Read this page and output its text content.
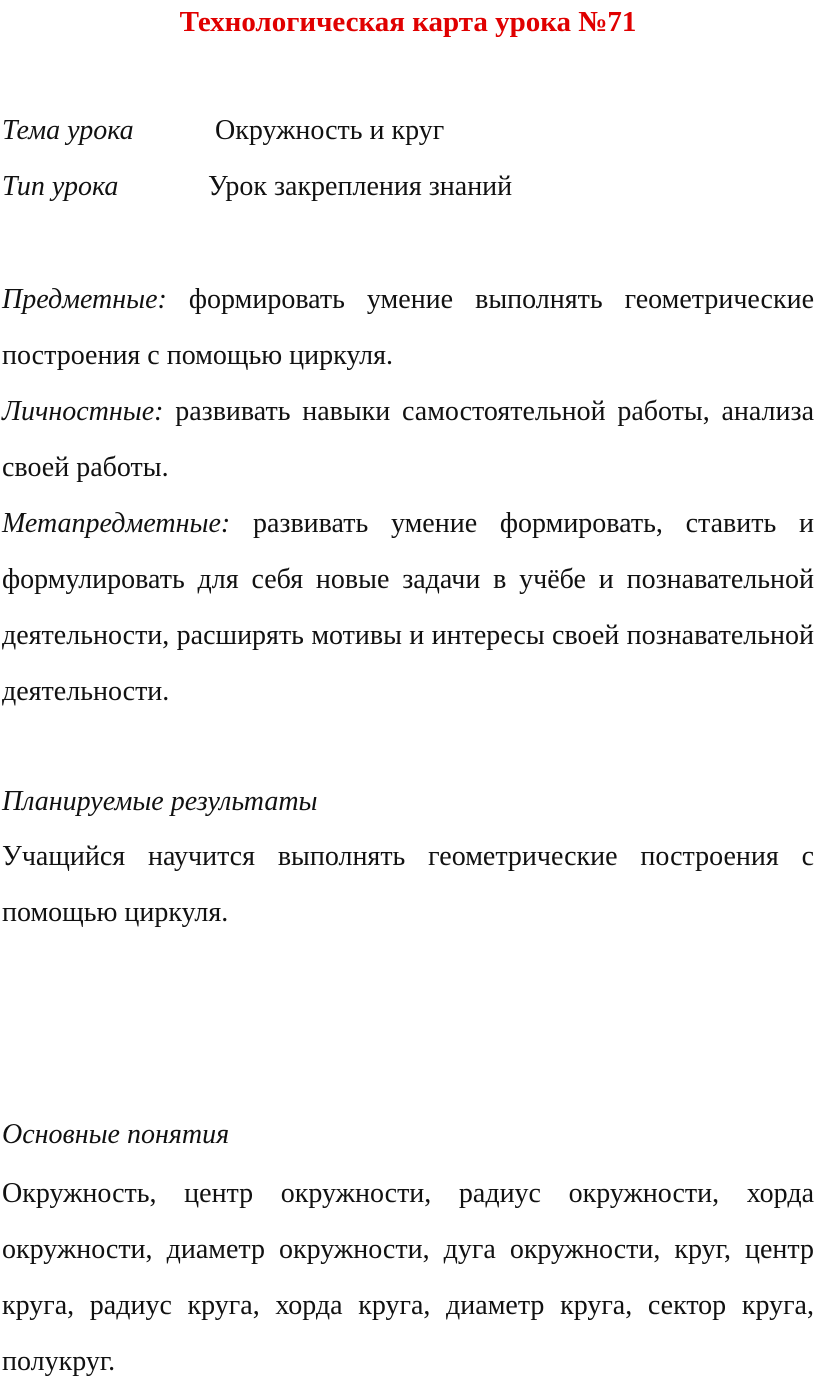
Технологическая карта урока №71
Тема урока	Окружность и круг
Тип урока	Урок закрепления знаний
Предметные: формировать умение выполнять геометрические построения с помощью циркуля.
Личностные: развивать навыки самостоятельной работы, анализа своей работы.
Метапредметные: развивать умение формировать, ставить и формулировать для себя новые задачи в учёбе и познавательной деятельности, расширять мотивы и интересы своей познавательной деятельности.
Планируемые результаты
Учащийся научится выполнять геометрические построения с помощью циркуля.
Основные понятия
Окружность, центр окружности, радиус окружности, хорда окружности, диаметр окружности, дуга окружности, круг, центр круга, радиус круга, хорда круга, диаметр круга, сектор круга, полукруг.
